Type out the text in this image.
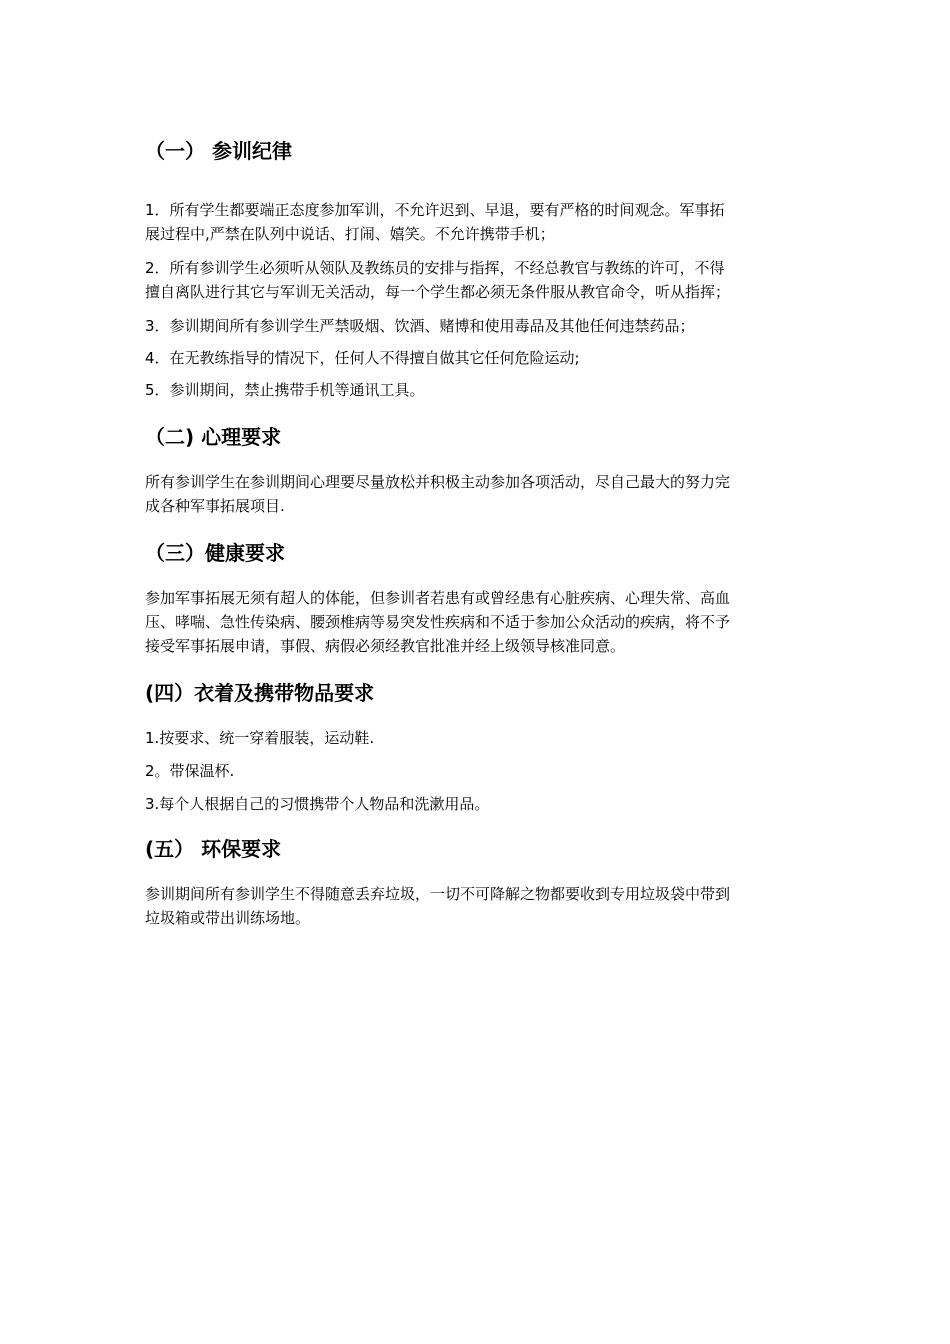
（一） 参训纪律

1．所有学生都要端正态度参加军训，不允许迟到、早退，要有严格的时间观念。军事拓

展过程中,严禁在队列中说话、打闹、嬉笑。不允许携带手机；

2．所有参训学生必须听从领队及教练员的安排与指挥，不经总教官与教练的许可，不得

擅自离队进行其它与军训无关活动，每一个学生都必须无条件服从教官命令，听从指挥；

3．参训期间所有参训学生严禁吸烟、饮酒、赌博和使用毒品及其他任何违禁药品；

4．在无教练指导的情况下，任何人不得擅自做其它任何危险运动;

5．参训期间，禁止携带手机等通讯工具。

（二) 心理要求

所有参训学生在参训期间心理要尽量放松并积极主动参加各项活动，尽自己最大的努力完

成各种军事拓展项目.

（三）健康要求

参加军事拓展无须有超人的体能，但参训者若患有或曾经患有心脏疾病、心理失常、高血

压、哮喘、急性传染病、腰颈椎病等易突发性疾病和不适于参加公众活动的疾病，将不予

接受军事拓展申请，事假、病假必须经教官批准并经上级领导核准同意。

(四）衣着及携带物品要求

1.按要求、统一穿着服装，运动鞋.

2。带保温杯.

3.每个人根据自己的习惯携带个人物品和洗漱用品。

(五） 环保要求

参训期间所有参训学生不得随意丢弃垃圾，一切不可降解之物都要收到专用垃圾袋中带到

垃圾箱或带出训练场地。
